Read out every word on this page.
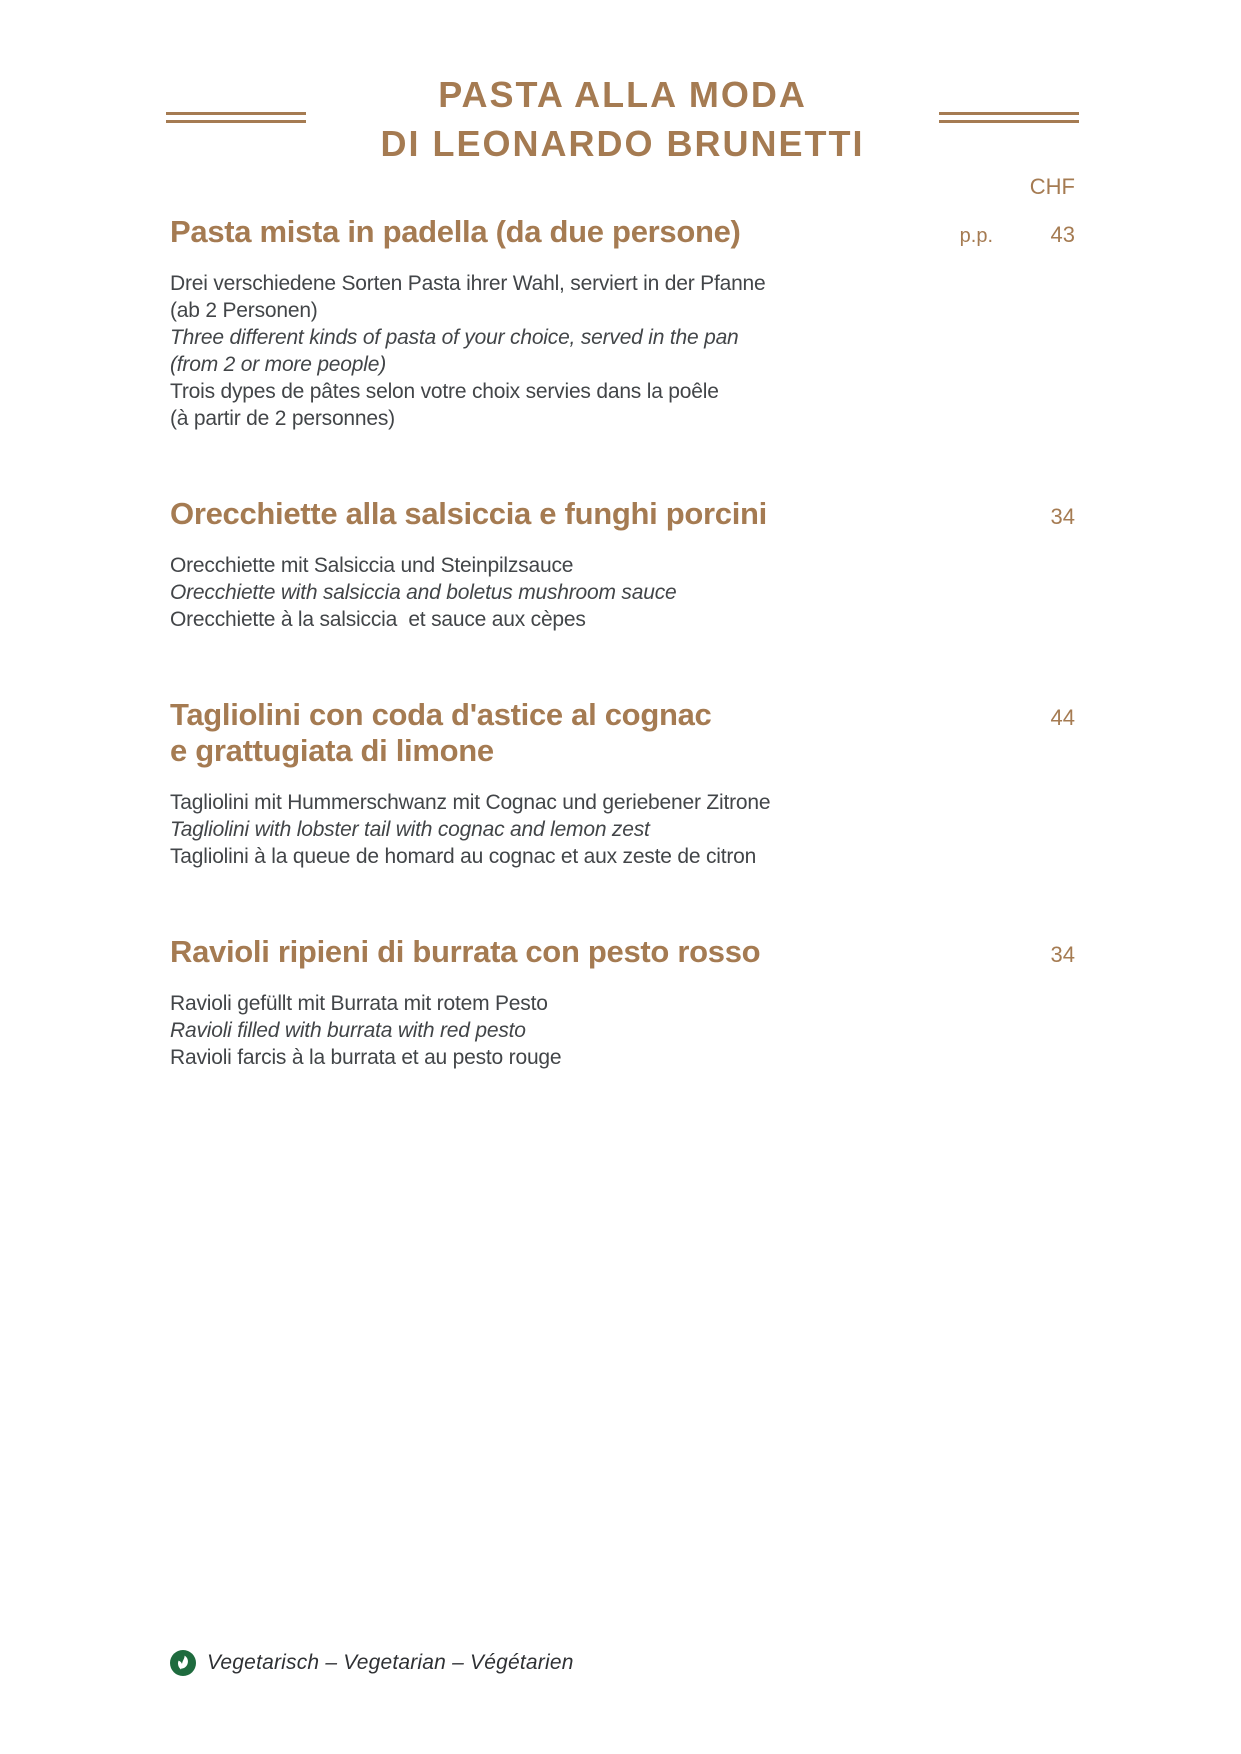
PASTA ALLA MODA
DI LEONARDO BRUNETTI
CHF
Pasta mista in padella (da due persone)	p.p.	43

Drei verschiedene Sorten Pasta ihrer Wahl, serviert in der Pfanne

(ab 2 Personen)

Three different kinds of pasta of your choice, served in the pan

(from 2 or more people)

Trois dypes de pâtes selon votre choix servies dans la poêle

(à partir de 2 personnes)

Orecchiette alla salsiccia e funghi porcini	34

Orecchiette mit Salsiccia und Steinpilzsauce

Orecchiette with salsiccia and boletus mushroom sauce

Orecchiette à la salsiccia  et sauce aux cèpes

Tagliolini con coda d'astice al cognac
e grattugiata di limone
44

Tagliolini mit Hummerschwanz mit Cognac und geriebener Zitrone

Tagliolini with lobster tail with cognac and lemon zest

Tagliolini à la queue de homard au cognac et aux zeste de citron

Ravioli ripieni di burrata con pesto rosso	34

Ravioli gefüllt mit Burrata mit rotem Pesto

Ravioli filled with burrata with red pesto

Ravioli farcis à la burrata et au pesto rouge

Vegetarisch – Vegetarian – Végétarien
